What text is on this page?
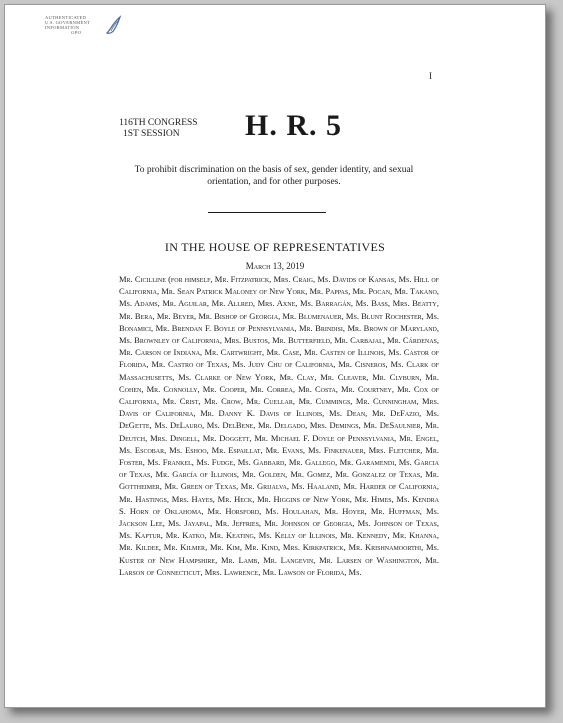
AUTHENTICATED
U.S. GOVERNMENT
INFORMATION
GPO
I
116TH CONGRESS
1ST SESSION	H. R. 5
To prohibit discrimination on the basis of sex, gender identity, and sexual orientation, and for other purposes.
IN THE HOUSE OF REPRESENTATIVES
March 13, 2019

Mr. Cicilline (for himself, Mr. Fitzpatrick, Mrs. Craig, Ms. Davids of Kansas, Ms. Hill of California, Mr. Sean Patrick Maloney of New York, Mr. Pappas, Mr. Pocan, Mr. Takano, Ms. Adams, Mr. Aguilar, Mr. Allred, Mrs. Axne, Ms. Barragán, Ms. Bass, Mrs. Beatty, Mr. Bera, Mr. Beyer, Mr. Bishop of Georgia, Mr. Blumenauer, Ms. Blunt Rochester, Ms. Bonamici, Mr. Brendan F. Boyle of Pennsylvania, Mr. Brindisi, Mr. Brown of Maryland, Ms. Brownley of California, Mrs. Bustos, Mr. Butterfield, Mr. Carbajal, Mr. Cárdenas, Mr. Carson of Indiana, Mr. Cartwright, Mr. Case, Mr. Casten of Illinois, Ms. Castor of Florida, Mr. Castro of Texas, Ms. Judy Chu of California, Mr. Cisneros, Ms. Clark of Massachusetts, Ms. Clarke of New York, Mr. Clay, Mr. Cleaver, Mr. Clyburn, Mr. Cohen, Mr. Connolly, Mr. Cooper, Mr. Correa, Mr. Costa, Mr. Courtney, Mr. Cox of California, Mr. Crist, Mr. Crow, Mr. Cuellar, Mr. Cummings, Mr. Cunningham, Mrs. Davis of California, Mr. Danny K. Davis of Illinois, Ms. Dean, Mr. DeFazio, Ms. DeGette, Ms. DeLauro, Ms. DelBene, Mr. Delgado, Mrs. Demings, Mr. DeSaulnier, Mr. Deutch, Mrs. Dingell, Mr. Doggett, Mr. Michael F. Doyle of Pennsylvania, Mr. Engel, Ms. Escobar, Ms. Eshoo, Mr. Espaillat, Mr. Evans, Ms. Finkenauer, Mrs. Fletcher, Mr. Foster, Ms. Frankel, Ms. Fudge, Ms. Gabbard, Mr. Gallego, Mr. Garamendi, Ms. Garcia of Texas, Mr. García of Illinois, Mr. Golden, Mr. Gomez, Mr. Gonzalez of Texas, Mr. Gottheimer, Mr. Green of Texas, Mr. Grijalva, Ms. Haaland, Mr. Harder of California, Mr. Hastings, Mrs. Hayes, Mr. Heck, Mr. Higgins of New York, Mr. Himes, Ms. Kendra S. Horn of Oklahoma, Mr. Horsford, Ms. Houlahan, Mr. Hoyer, Mr. Huffman, Ms. Jackson Lee, Ms. Jayapal, Mr. Jeffries, Mr. Johnson of Georgia, Ms. Johnson of Texas, Ms. Kaptur, Mr. Katko, Mr. Keating, Ms. Kelly of Illinois, Mr. Kennedy, Mr. Khanna, Mr. Kildee, Mr. Kilmer, Mr. Kim, Mr. Kind, Mrs. Kirkpatrick, Mr. Krishnamoorthi, Ms. Kuster of New Hampshire, Mr. Lamb, Mr. Langevin, Mr. Larsen of Washington, Mr. Larson of Connecticut, Mrs. Lawrence, Mr. Lawson of Florida, Ms.
